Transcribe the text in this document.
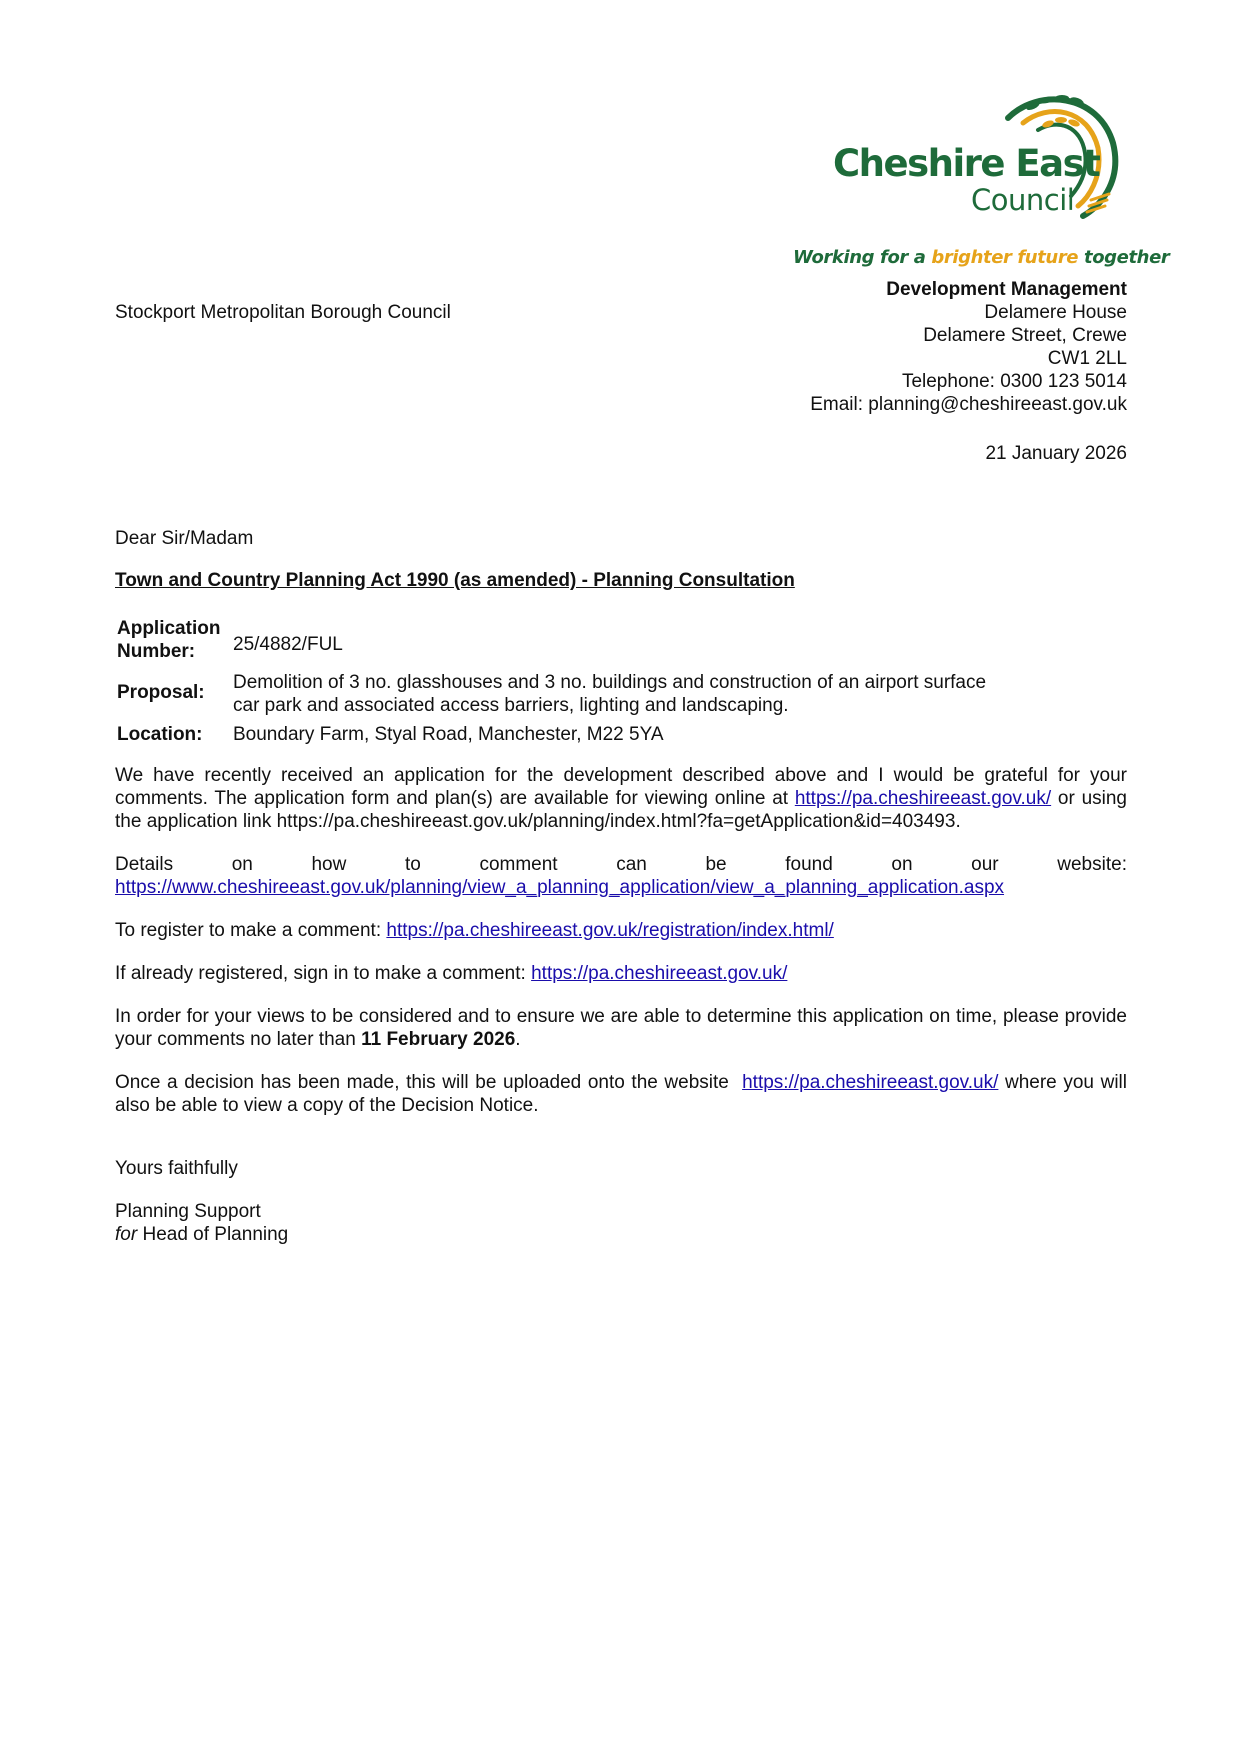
Cheshire East
Council
Working for a brighter future together
Stockport Metropolitan Borough Council
Development Management
Delamere House
Delamere Street, Crewe
CW1 2LL
Telephone: 0300 123 5014
Email: planning@cheshireeast.gov.uk
21 January 2026
Dear Sir/Madam
Town and Country Planning Act 1990 (as amended) - Planning Consultation
Application
Number:	25/4882/FUL
Proposal:	Demolition of 3 no. glasshouses and 3 no. buildings and construction of an airport surface
car park and associated access barriers, lighting and landscaping.

Location:	Boundary Farm, Styal Road, Manchester, M22 5YA

We have recently received an application for the development described above and I would be grateful for your comments. The application form and plan(s) are available for viewing online at https://pa.cheshireeast.gov.uk/ or using the application link https://pa.cheshireeast.gov.uk/planning/index.html?fa=getApplication&id=403493.

Details	on	how	to	comment	can	be	found	on	our	website:
https://www.cheshireeast.gov.uk/planning/view_a_planning_application/view_a_planning_application.aspx

To register to make a comment: https://pa.cheshireeast.gov.uk/registration/index.html/

If already registered, sign in to make a comment: https://pa.cheshireeast.gov.uk/

In order for your views to be considered and to ensure we are able to determine this application on time, please provide your comments no later than 11 February 2026.

Once a decision has been made, this will be uploaded onto the website  https://pa.cheshireeast.gov.uk/ where you will also be able to view a copy of the Decision Notice.

Yours faithfully

Planning Support
for Head of Planning
